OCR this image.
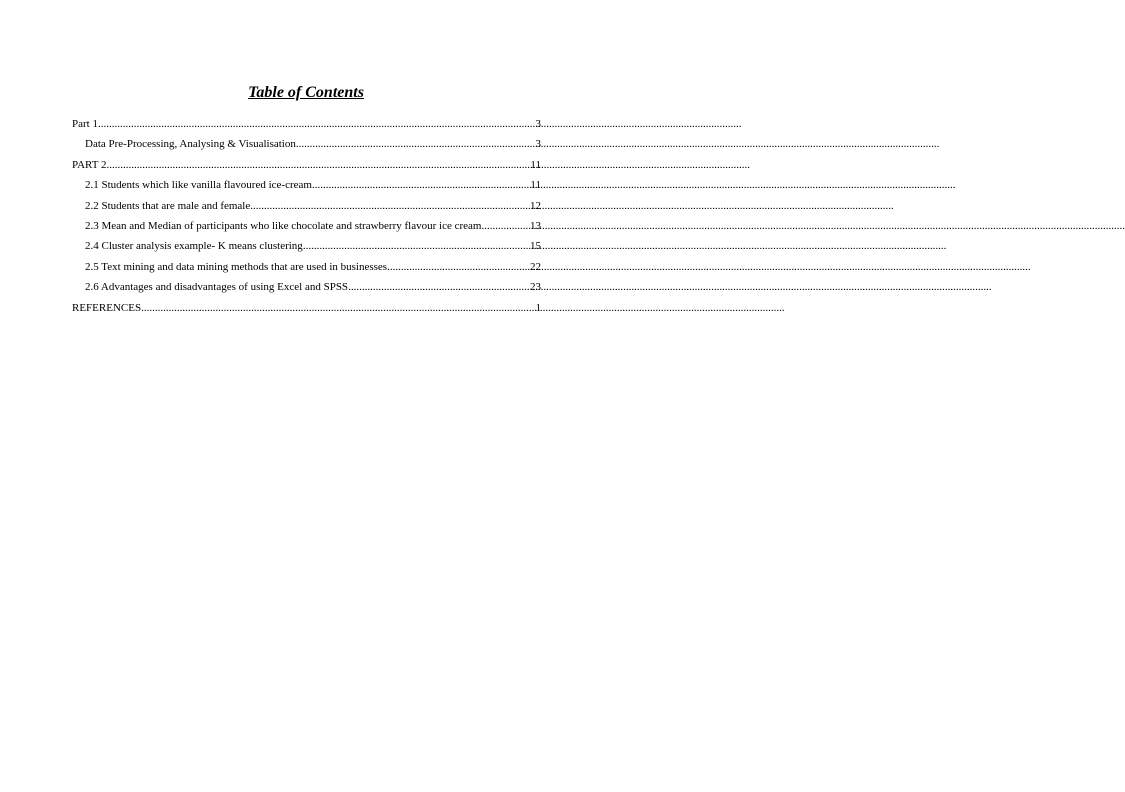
Table of Contents
Part 1 .....	3
Data Pre-Processing, Analysing & Visualisation .....	3
PART 2 .....	11
2.1 Students which like vanilla flavoured ice-cream .....	11
2.2 Students that are male and female .....	12
2.3 Mean and Median of participants who like chocolate and strawberry flavour ice cream .....	13
2.4 Cluster analysis example- K means clustering .....	15
2.5 Text mining and data mining methods that are used in businesses .....	22
2.6 Advantages and disadvantages of using Excel and SPSS .....	23
REFERENCES .....	1
